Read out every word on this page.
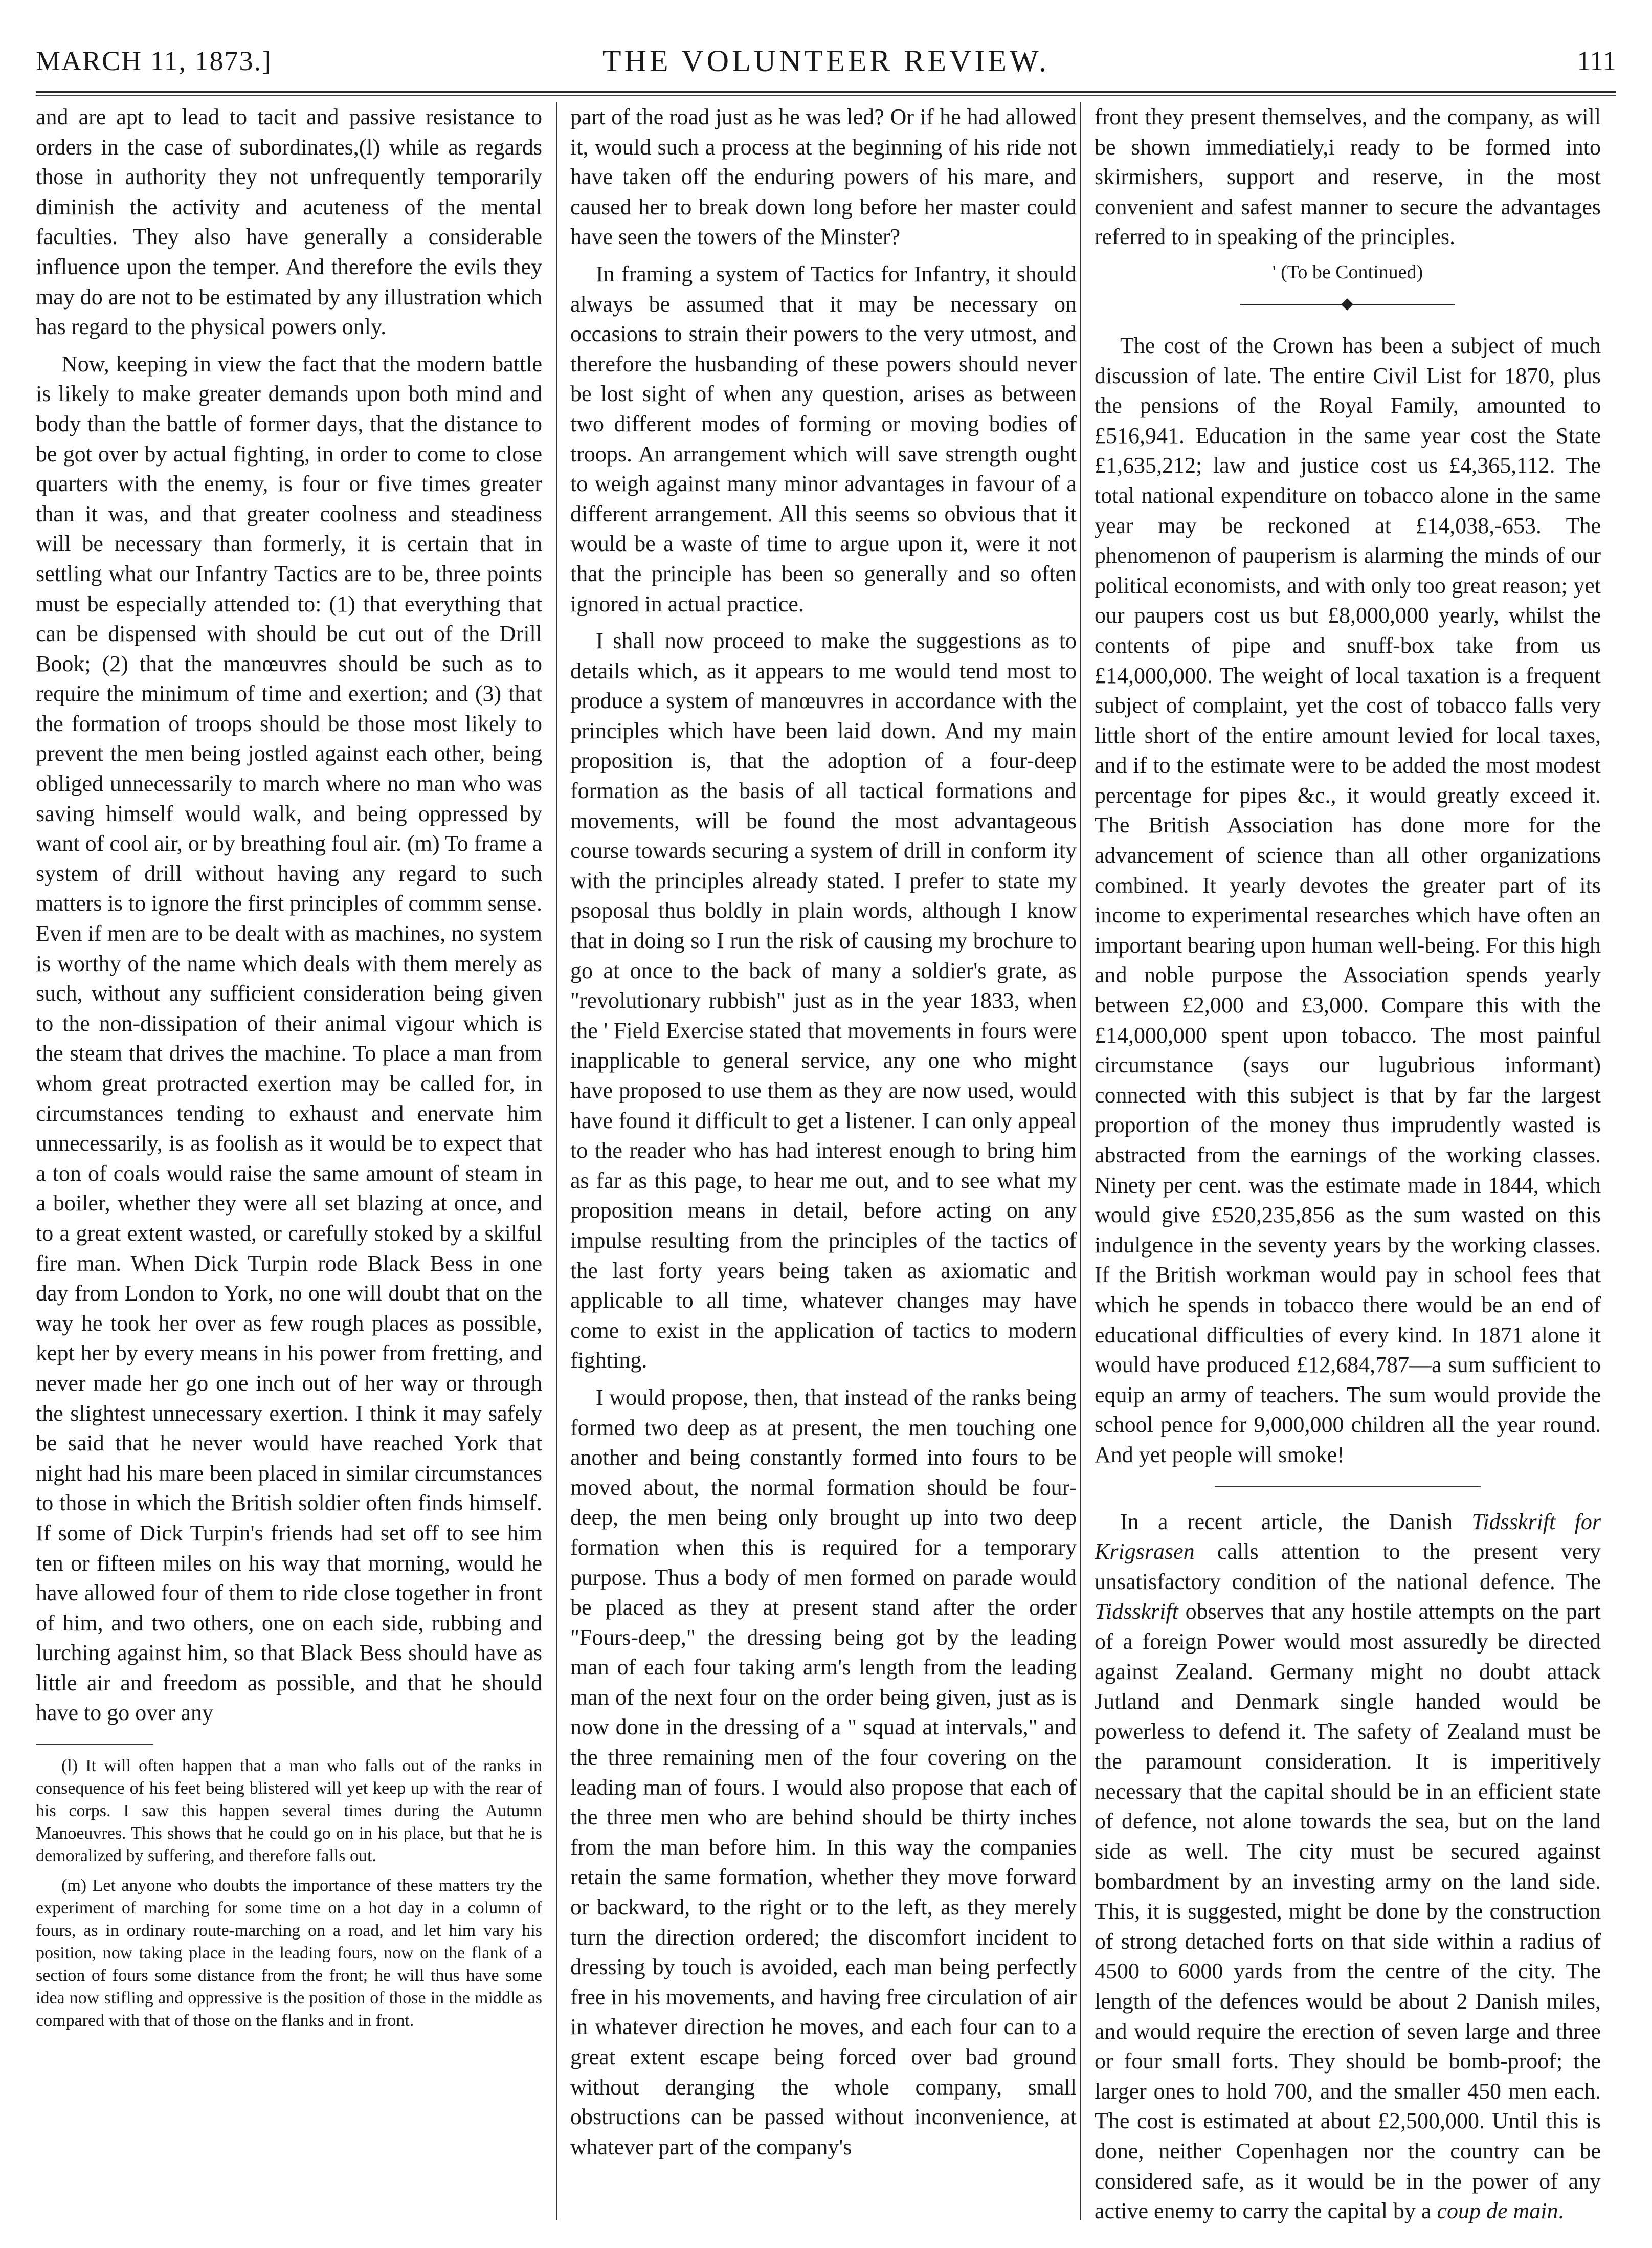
MARCH 11, 1873.]	THE VOLUNTEER REVIEW.	111

and are apt to lead to tacit and passive resistance to orders in the case of subordinates,(l) while as regards those in authority they not unfrequently temporarily diminish the activity and acuteness of the mental faculties. They also have generally a considerable influence upon the temper. And therefore the evils they may do are not to be estimated by any illustration which has regard to the physical powers only.

Now, keeping in view the fact that the modern battle is likely to make greater demands upon both mind and body than the battle of former days, that the distance to be got over by actual fighting, in order to come to close quarters with the enemy, is four or five times greater than it was, and that greater coolness and steadiness will be necessary than formerly, it is certain that in settling what our Infantry Tactics are to be, three points must be especially attended to: (1) that everything that can be dispensed with should be cut out of the Drill Book; (2) that the manœuvres should be such as to require the minimum of time and exertion; and (3) that the formation of troops should be those most likely to prevent the men being jostled against each other, being obliged unnecessarily to march where no man who was saving himself would walk, and being oppressed by want of cool air, or by breathing foul air. (m) To frame a system of drill without having any regard to such matters is to ignore the first principles of commm sense. Even if men are to be dealt with as machines, no system is worthy of the name which deals with them merely as such, without any sufficient consideration being given to the non-dissipation of their animal vigour which is the steam that drives the machine. To place a man from whom great protracted exertion may be called for, in circumstances tending to exhaust and enervate him unnecessarily, is as foolish as it would be to expect that a ton of coals would raise the same amount of steam in a boiler, whether they were all set blazing at once, and to a great extent wasted, or carefully stoked by a skilful fire man. When Dick Turpin rode Black Bess in one day from London to York, no one will doubt that on the way he took her over as few rough places as possible, kept her by every means in his power from fretting, and never made her go one inch out of her way or through the slightest unnecessary exertion. I think it may safely be said that he never would have reached York that night had his mare been placed in similar circumstances to those in which the British soldier often finds himself. If some of Dick Turpin's friends had set off to see him ten or fifteen miles on his way that morning, would he have allowed four of them to ride close together in front of him, and two others, one on each side, rubbing and lurching against him, so that Black Bess should have as little air and freedom as possible, and that he should have to go over any

(l) It will often happen that a man who falls out of the ranks in consequence of his feet being blistered will yet keep up with the rear of his corps. I saw this happen several times during the Autumn Manoeuvres. This shows that he could go on in his place, but that he is demoralized by suffering, and therefore falls out.

(m) Let anyone who doubts the importance of these matters try the experiment of marching for some time on a hot day in a column of fours, as in ordinary route-marching on a road, and let him vary his position, now taking place in the leading fours, now on the flank of a section of fours some distance from the front; he will thus have some idea now stifling and oppressive is the position of those in the middle as compared with that of those on the flanks and in front.

part of the road just as he was led? Or if he had allowed it, would such a process at the beginning of his ride not have taken off the enduring powers of his mare, and caused her to break down long before her master could have seen the towers of the Minster?

In framing a system of Tactics for Infantry, it should always be assumed that it may be necessary on occasions to strain their powers to the very utmost, and therefore the husbanding of these powers should never be lost sight of when any question, arises as between two different modes of forming or moving bodies of troops. An arrangement which will save strength ought to weigh against many minor advantages in favour of a different arrangement. All this seems so obvious that it would be a waste of time to argue upon it, were it not that the principle has been so generally and so often ignored in actual practice.

I shall now proceed to make the suggestions as to details which, as it appears to me would tend most to produce a system of manœuvres in accordance with the principles which have been laid down. And my main proposition is, that the adoption of a four-deep formation as the basis of all tactical formations and movements, will be found the most advantageous course towards securing a system of drill in conform ity with the principles already stated. I prefer to state my psoposal thus boldly in plain words, although I know that in doing so I run the risk of causing my brochure to go at once to the back of many a soldier's grate, as "revolutionary rubbish" just as in the year 1833, when the ' Field Exercise stated that movements in fours were inapplicable to general service, any one who might have proposed to use them as they are now used, would have found it difficult to get a listener. I can only appeal to the reader who has had interest enough to bring him as far as this page, to hear me out, and to see what my proposition means in detail, before acting on any impulse resulting from the principles of the tactics of the last forty years being taken as axiomatic and applicable to all time, whatever changes may have come to exist in the application of tactics to modern fighting.

I would propose, then, that instead of the ranks being formed two deep as at present, the men touching one another and being constantly formed into fours to be moved about, the normal formation should be four-deep, the men being only brought up into two deep formation when this is required for a temporary purpose. Thus a body of men formed on parade would be placed as they at present stand after the order "Fours-deep," the dressing being got by the leading man of each four taking arm's length from the leading man of the next four on the order being given, just as is now done in the dressing of a " squad at intervals," and the three remaining men of the four covering on the leading man of fours. I would also propose that each of the three men who are behind should be thirty inches from the man before him. In this way the companies retain the same formation, whether they move forward or backward, to the right or to the left, as they merely turn the direction ordered; the discomfort incident to dressing by touch is avoided, each man being perfectly free in his movements, and having free circulation of air in whatever direction he moves, and each four can to a great extent escape being forced over bad ground without deranging the whole company, small obstructions can be passed without inconvenience, at whatever part of the company's

front they present themselves, and the company, as will be shown immediatiely,i ready to be formed into skirmishers, support and reserve, in the most convenient and safest manner to secure the advantages referred to in speaking of the principles.

' (To be Continued)

The cost of the Crown has been a subject of much discussion of late. The entire Civil List for 1870, plus the pensions of the Royal Family, amounted to £516,941. Education in the same year cost the State £1,635,212; law and justice cost us £4,365,112. The total national expenditure on tobacco alone in the same year may be reckoned at £14,038,-653. The phenomenon of pauperism is alarming the minds of our political economists, and with only too great reason; yet our paupers cost us but £8,000,000 yearly, whilst the contents of pipe and snuff-box take from us £14,000,000. The weight of local taxation is a frequent subject of complaint, yet the cost of tobacco falls very little short of the entire amount levied for local taxes, and if to the estimate were to be added the most modest percentage for pipes &c., it would greatly exceed it. The British Association has done more for the advancement of science than all other organizations combined. It yearly devotes the greater part of its income to experimental researches which have often an important bearing upon human well-being. For this high and noble purpose the Association spends yearly between £2,000 and £3,000. Compare this with the £14,000,000 spent upon tobacco. The most painful circumstance (says our lugubrious informant) connected with this subject is that by far the largest proportion of the money thus imprudently wasted is abstracted from the earnings of the working classes. Ninety per cent. was the estimate made in 1844, which would give £520,235,856 as the sum wasted on this indulgence in the seventy years by the working classes. If the British workman would pay in school fees that which he spends in tobacco there would be an end of educational difficulties of every kind. In 1871 alone it would have produced £12,684,787—a sum sufficient to equip an army of teachers. The sum would provide the school pence for 9,000,000 children all the year round. And yet people will smoke!

In a recent article, the Danish Tidsskrift for Krigsrasen calls attention to the present very unsatisfactory condition of the national defence. The Tidsskrift observes that any hostile attempts on the part of a foreign Power would most assuredly be directed against Zealand. Germany might no doubt attack Jutland and Denmark single handed would be powerless to defend it. The safety of Zealand must be the paramount consideration. It is imperitively necessary that the capital should be in an efficient state of defence, not alone towards the sea, but on the land side as well. The city must be secured against bombardment by an investing army on the land side. This, it is suggested, might be done by the construction of strong detached forts on that side within a radius of 4500 to 6000 yards from the centre of the city. The length of the defences would be about 2 Danish miles, and would require the erection of seven large and three or four small forts. They should be bomb-proof; the larger ones to hold 700, and the smaller 450 men each. The cost is estimated at about £2,500,000. Until this is done, neither Copenhagen nor the country can be considered safe, as it would be in the power of any active enemy to carry the capital by a coup de main.
